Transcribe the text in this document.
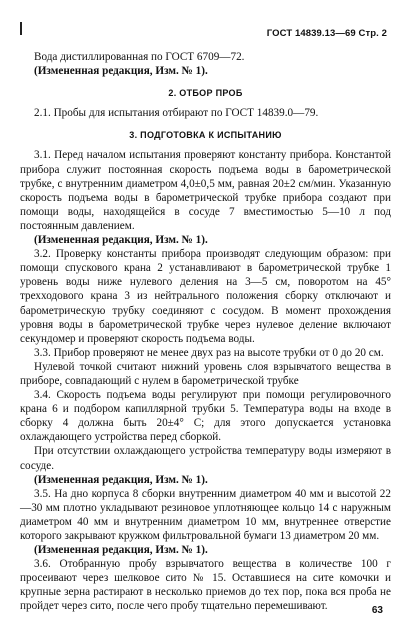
ГОСТ 14839.13—69 Стр. 2

Вода дистиллированная по ГОСТ 6709—72.

(Измененная редакция, Изм. № 1).

2. ОТБОР ПРОБ

2.1. Пробы для испытания отбирают по ГОСТ 14839.0—79.

3. ПОДГОТОВКА К ИСПЫТАНИЮ

3.1. Перед началом испытания проверяют константу прибора. Константой прибора служит постоянная скорость подъема воды в барометрической трубке, с внутренним диаметром 4,0±0,5 мм, равная 20±2 см/мин. Указанную скорость подъема воды в барометрической трубке прибора создают при помощи воды, находящейся в сосуде 7 вместимостью 5—10 л под постоянным давлением.

(Измененная редакция, Изм. № 1).

3.2. Проверку константы прибора производят следующим образом: при помощи спускового крана 2 устанавливают в барометрической трубке 1 уровень воды ниже нулевого деления на 3—5 см, поворотом на 45° трехходового крана 3 из нейтрального положения сборку отключают и барометрическую трубку соединяют с сосудом. В момент прохождения уровня воды в барометрической трубке через нулевое деление включают секундомер и проверяют скорость подъема воды.

3.3. Прибор проверяют не менее двух раз на высоте трубки от 0 до 20 см.

Нулевой точкой считают нижний уровень слоя взрывчатого вещества в приборе, совпадающий с нулем в барометрической трубке

3.4. Скорость подъема воды регулируют при помощи регулировочного крана 6 и подбором капиллярной трубки 5. Температура воды на входе в сборку 4 должна быть 20±4° С; для этого допускается установка охлаждающего устройства перед сборкой.

При отсутствии охлаждающего устройства температуру воды измеряют в сосуде.

(Измененная редакция, Изм. № 1).

3.5. На дно корпуса 8 сборки внутренним диаметром 40 мм и высотой 22—30 мм плотно укладывают резиновое уплотняющее кольцо 14 с наружным диаметром 40 мм и внутренним диаметром 10 мм, внутреннее отверстие которого закрывают кружком фильтровальной бумаги 13 диаметром 20 мм.

(Измененная редакция, Изм. № 1).

3.6. Отобранную пробу взрывчатого вещества в количестве 100 г просеивают через шелковое сито № 15. Оставшиеся на сите комочки и крупные зерна растирают в несколько приемов до тех пор, пока вся проба не пройдет через сито, после чего пробу тщательно перемешивают.	63
